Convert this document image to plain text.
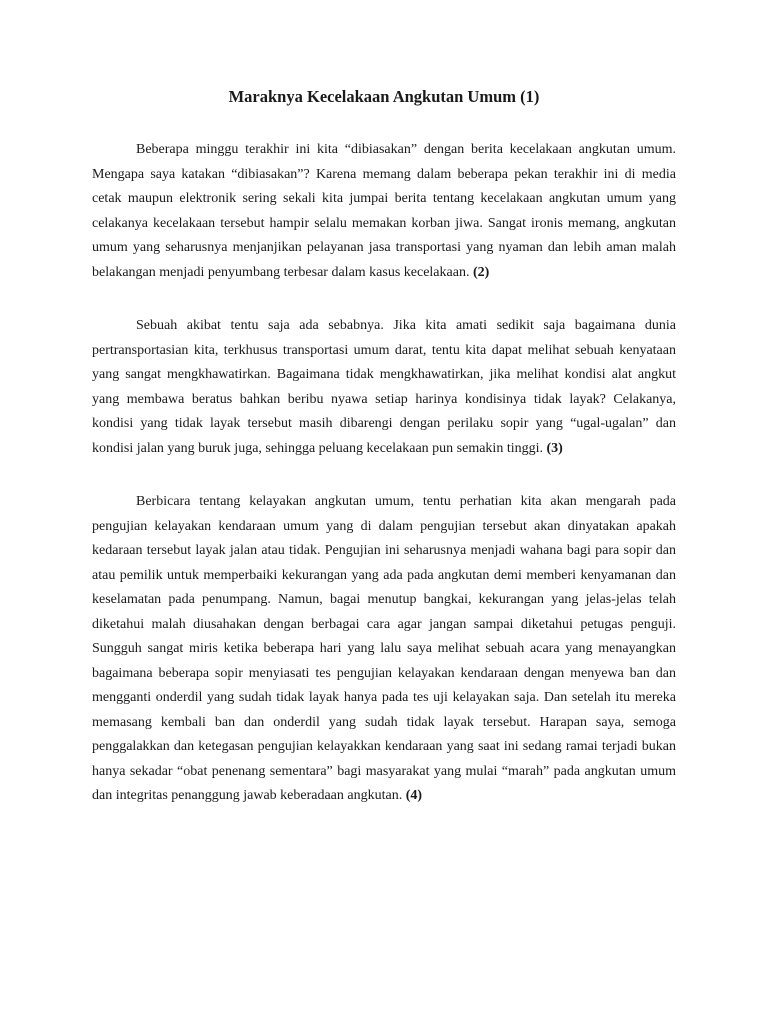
Maraknya Kecelakaan Angkutan Umum (1)

Beberapa minggu terakhir ini kita “dibiasakan” dengan berita kecelakaan angkutan umum. Mengapa saya katakan “dibiasakan”? Karena memang dalam beberapa pekan terakhir ini di media cetak maupun elektronik sering sekali kita jumpai berita tentang kecelakaan angkutan umum yang celakanya kecelakaan tersebut hampir selalu memakan korban jiwa. Sangat ironis memang, angkutan umum yang seharusnya menjanjikan pelayanan jasa transportasi yang nyaman dan lebih aman malah belakangan menjadi penyumbang terbesar dalam kasus kecelakaan. (2)

Sebuah akibat tentu saja ada sebabnya. Jika kita amati sedikit saja bagaimana dunia pertransportasian kita, terkhusus transportasi umum darat, tentu kita dapat melihat sebuah kenyataan yang sangat mengkhawatirkan. Bagaimana tidak mengkhawatirkan, jika melihat kondisi alat angkut yang membawa beratus bahkan beribu nyawa setiap harinya kondisinya tidak layak? Celakanya, kondisi yang tidak layak tersebut masih dibarengi dengan perilaku sopir yang “ugal-ugalan” dan kondisi jalan yang buruk juga, sehingga peluang kecelakaan pun semakin tinggi. (3)

Berbicara tentang kelayakan angkutan umum, tentu perhatian kita akan mengarah pada pengujian kelayakan kendaraan umum yang di dalam pengujian tersebut akan dinyatakan apakah kedaraan tersebut layak jalan atau tidak. Pengujian ini seharusnya menjadi wahana bagi para sopir dan atau pemilik untuk memperbaiki kekurangan yang ada pada angkutan demi memberi kenyamanan dan keselamatan pada penumpang. Namun, bagai menutup bangkai, kekurangan yang jelas-jelas telah diketahui malah diusahakan dengan berbagai cara agar jangan sampai diketahui petugas penguji. Sungguh sangat miris ketika beberapa hari yang lalu saya melihat sebuah acara yang menayangkan bagaimana beberapa sopir menyiasati tes pengujian kelayakan kendaraan dengan menyewa ban dan mengganti onderdil yang sudah tidak layak hanya pada tes uji kelayakan saja. Dan setelah itu mereka memasang kembali ban dan onderdil yang sudah tidak layak tersebut. Harapan saya, semoga penggalakkan dan ketegasan pengujian kelayakkan kendaraan yang saat ini sedang ramai terjadi bukan hanya sekadar “obat penenang sementara” bagi masyarakat yang mulai “marah” pada angkutan umum dan integritas penanggung jawab keberadaan angkutan. (4)
